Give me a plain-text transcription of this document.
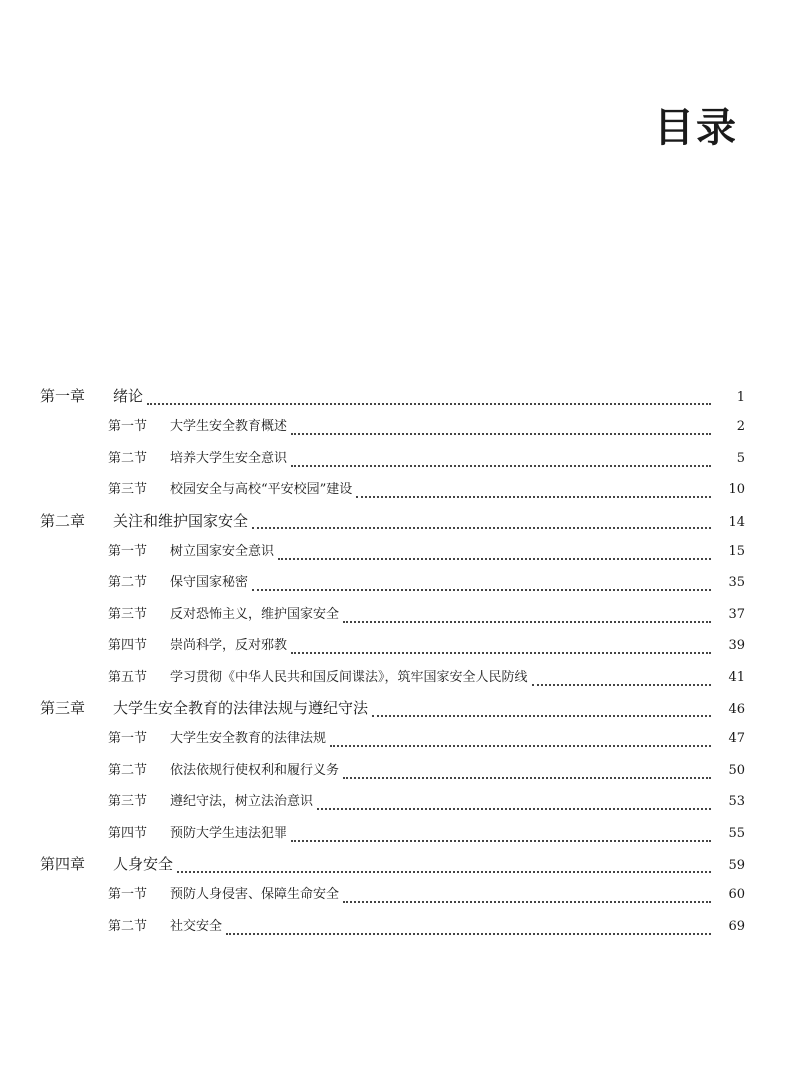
目录
第一章	绪论	1
第一节	大学生安全教育概述	2
第二节	培养大学生安全意识	5
第三节	校园安全与高校“平安校园”建设	10
第二章	关注和维护国家安全	14
第一节	树立国家安全意识	15
第二节	保守国家秘密	35
第三节	反对恐怖主义，维护国家安全	37
第四节	崇尚科学，反对邪教	39
第五节	学习贯彻《中华人民共和国反间谍法》，筑牢国家安全人民防线	41
第三章	大学生安全教育的法律法规与遵纪守法	46
第一节	大学生安全教育的法律法规	47
第二节	依法依规行使权利和履行义务	50
第三节	遵纪守法，树立法治意识	53
第四节	预防大学生违法犯罪	55
第四章	人身安全	59
第一节	预防人身侵害、保障生命安全	60
第二节	社交安全	69
